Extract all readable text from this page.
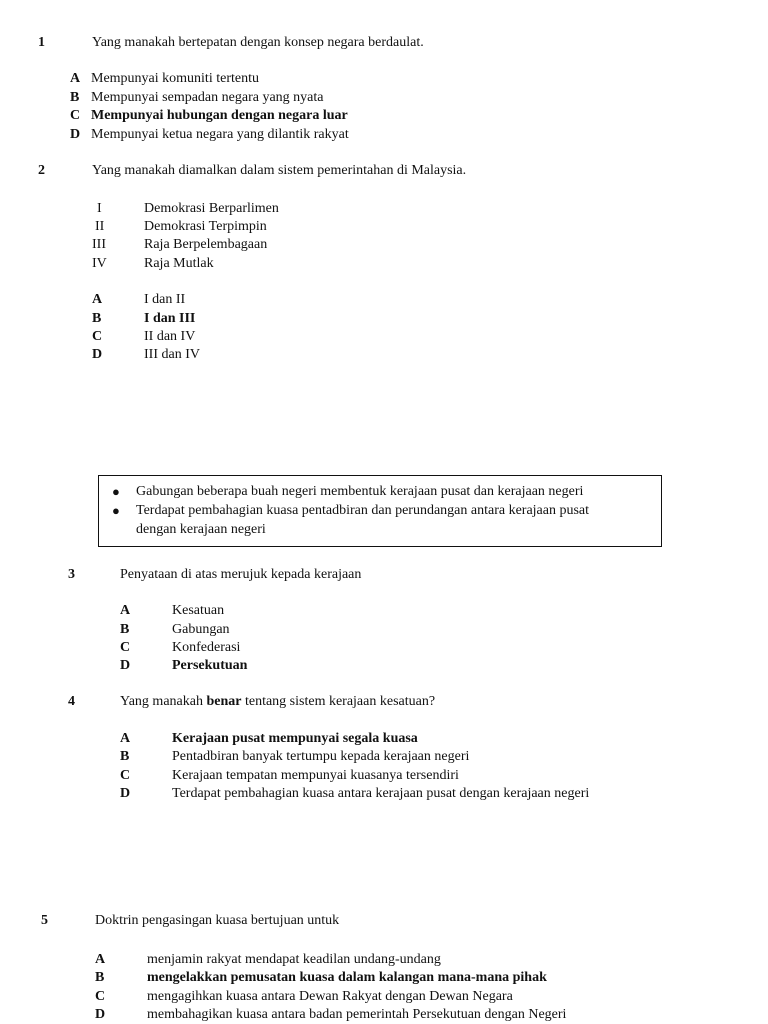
1	Yang manakah bertepatan dengan konsep negara berdaulat.
A Mempunyai komuniti tertentu
B Mempunyai sempadan negara yang nyata
C Mempunyai hubungan dengan negara luar
D Mempunyai ketua negara yang dilantik rakyat
2	Yang manakah diamalkan dalam sistem pemerintahan di Malaysia.
I	Demokrasi Berparlimen
II	Demokrasi Terpimpin
III	Raja Berpelembagaan
IV	Raja Mutlak
A	I dan II
B	I dan III
C	II dan IV
D	III dan IV
● Gabungan beberapa buah negeri membentuk kerajaan pusat dan kerajaan negeri
● Terdapat pembahagian kuasa pentadbiran dan perundangan antara kerajaan pusat
dengan kerajaan negeri
3	Penyataan di atas merujuk kepada kerajaan
A	Kesatuan
B	Gabungan
C	Konfederasi
D	Persekutuan
4	Yang manakah benar tentang sistem kerajaan kesatuan?
A	Kerajaan pusat mempunyai segala kuasa
B	Pentadbiran banyak tertumpu kepada kerajaan negeri
C	Kerajaan tempatan mempunyai kuasanya tersendiri
D	Terdapat pembahagian kuasa antara kerajaan pusat dengan kerajaan negeri
5	Doktrin pengasingan kuasa bertujuan untuk
A	menjamin rakyat mendapat keadilan undang-undang
B	mengelakkan pemusatan kuasa dalam kalangan mana-mana pihak
C	mengagihkan kuasa antara Dewan Rakyat dengan Dewan Negara
D	membahagikan kuasa antara badan pemerintah Persekutuan dengan Negeri
